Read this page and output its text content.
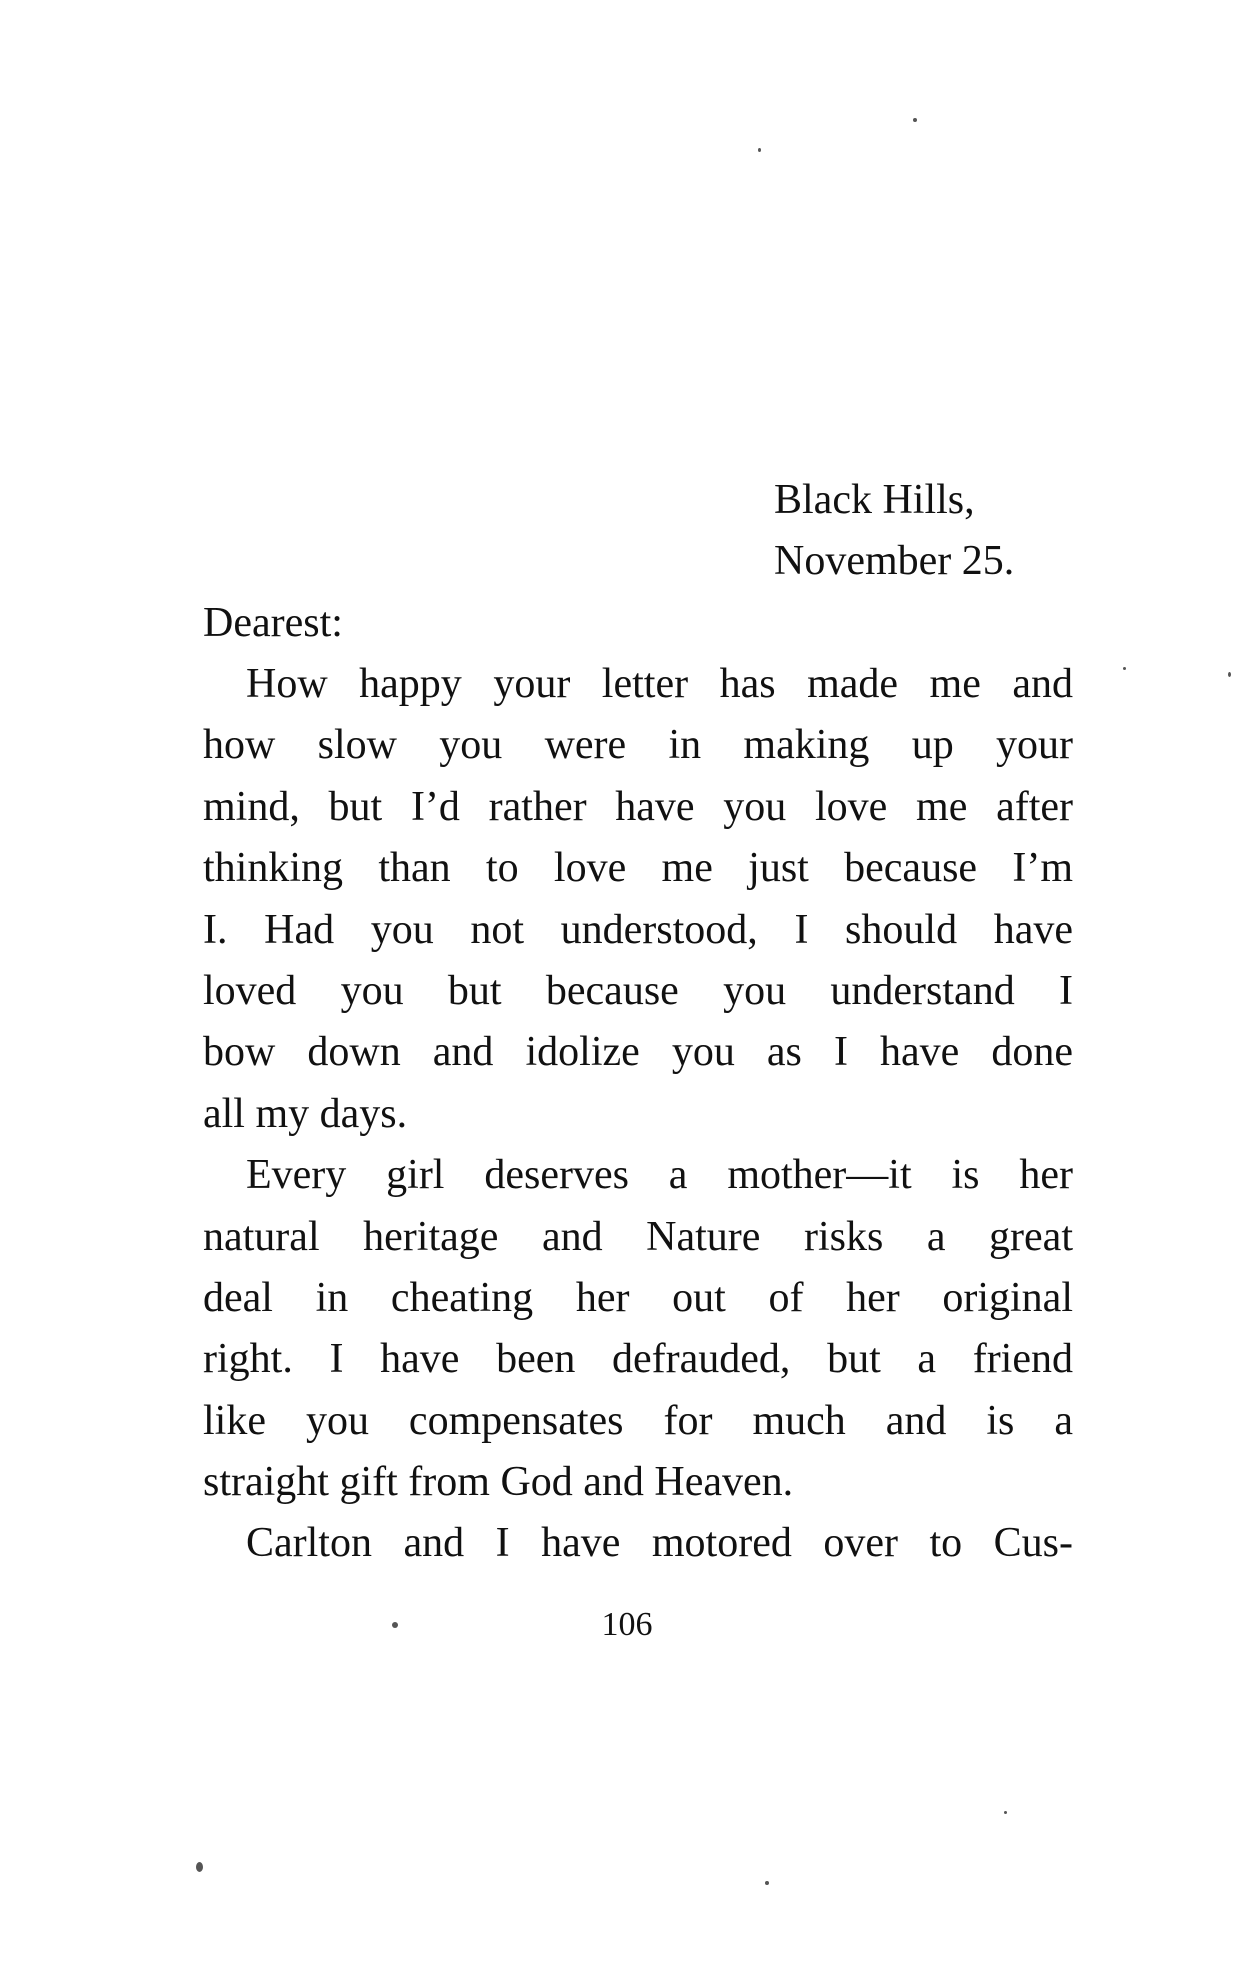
Black Hills,
November 25.
Dearest:
How happy your letter has made me and
how slow you were in making up your
mind, but I’d rather have you love me after
thinking than to love me just because I’m
I. Had you not understood, I should have
loved you but because you understand I
bow down and idolize you as I have done
all my days.
Every girl deserves a mother—it is her
natural heritage and Nature risks a great
deal in cheating her out of her original
right. I have been defrauded, but a friend
like you compensates for much and is a
straight gift from God and Heaven.
Carlton and I have motored over to Cus-
106
